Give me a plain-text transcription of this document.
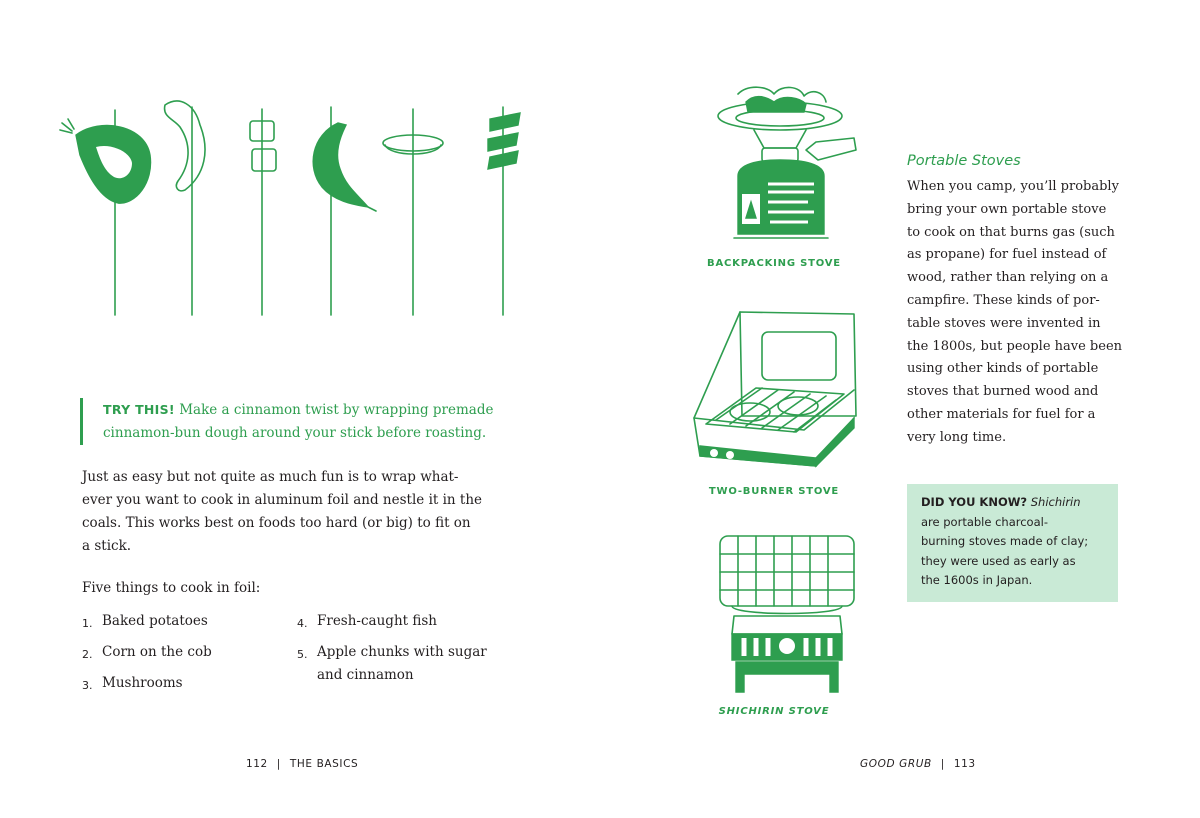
TRY THIS! Make a cinnamon twist by wrapping premade cinnamon-bun dough around your stick before roasting.
Just as easy but not quite as much fun is to wrap what-
ever you want to cook in aluminum foil and nestle it in the
coals. This works best on foods too hard (or big) to fit on
a stick.
Five things to cook in foil:
1. Baked potatoes
2. Corn on the cob
3. Mushrooms
4. Fresh-caught fish
5. Apple chunks with sugar
and cinnamon
112 | THE BASICS
BACKPACKING STOVE
TWO-BURNER STOVE
SHICHIRIN STOVE
Portable Stoves
When you camp, you’ll probably
bring your own portable stove
to cook on that burns gas (such
as propane) for fuel instead of
wood, rather than relying on a
campfire. These kinds of por-
table stoves were invented in
the 1800s, but people have been
using other kinds of portable
stoves that burned wood and
other materials for fuel for a
very long time.
DID YOU KNOW? Shichirin
are portable charcoal-
burning stoves made of clay;
they were used as early as
the 1600s in Japan.
GOOD GRUB | 113
